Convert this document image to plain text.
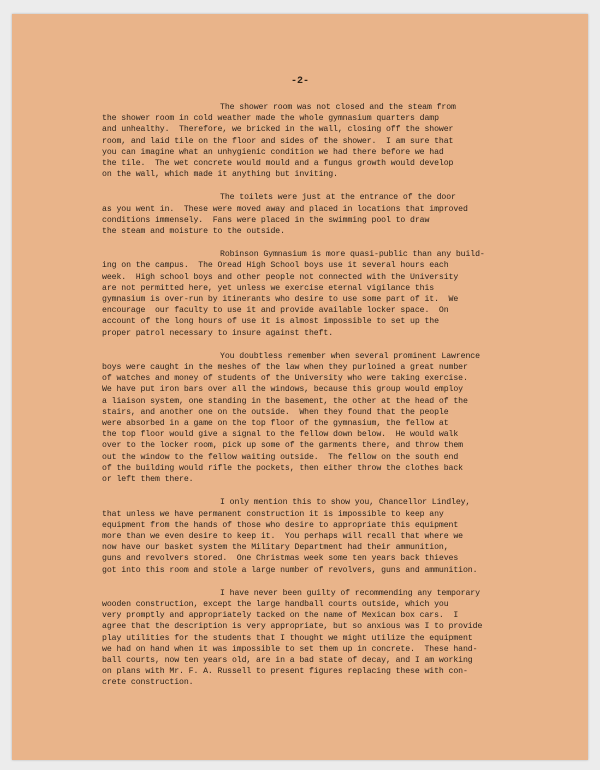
-2-
The shower room was not closed and the steam from
the shower room in cold weather made the whole gymnasium quarters damp
and unhealthy.  Therefore, we bricked in the wall, closing off the shower
room, and laid tile on the floor and sides of the shower.  I am sure that
you can imagine what an unhygienic condition we had there before we had
the tile.  The wet concrete would mould and a fungus growth would develop
on the wall, which made it anything but inviting.
The toilets were just at the entrance of the door
as you went in.  These were moved away and placed in locations that improved
conditions immensely.  Fans were placed in the swimming pool to draw
the steam and moisture to the outside.
Robinson Gymnasium is more quasi-public than any build-
ing on the campus.  The Oread High School boys use it several hours each
week.  High school boys and other people not connected with the University
are not permitted here, yet unless we exercise eternal vigilance this
gymnasium is over-run by itinerants who desire to use some part of it.  We
encourage  our faculty to use it and provide available locker space.  On
account of the long hours of use it is almost impossible to set up the
proper patrol necessary to insure against theft.
You doubtless remember when several prominent Lawrence
boys were caught in the meshes of the law when they purloined a great number
of watches and money of students of the University who were taking exercise.
We have put iron bars over all the windows, because this group would employ
a liaison system, one standing in the basement, the other at the head of the
stairs, and another one on the outside.  When they found that the people
were absorbed in a game on the top floor of the gymnasium, the fellow at
the top floor would give a signal to the fellow down below.  He would walk
over to the locker room, pick up some of the garments there, and throw them
out the window to the fellow waiting outside.  The fellow on the south end
of the building would rifle the pockets, then either throw the clothes back
or left them there.
I only mention this to show you, Chancellor Lindley,
that unless we have permanent construction it is impossible to keep any
equipment from the hands of those who desire to appropriate this equipment
more than we even desire to keep it.  You perhaps will recall that where we
now have our basket system the Military Department had their ammunition,
guns and revolvers stored.  One Christmas week some ten years back thieves
got into this room and stole a large number of revolvers, guns and ammunition.
I have never been guilty of recommending any temporary
wooden construction, except the large handball courts outside, which you
very promptly and appropriately tacked on the name of Mexican box cars.  I
agree that the description is very appropriate, but so anxious was I to provide
play utilities for the students that I thought we might utilize the equipment
we had on hand when it was impossible to set them up in concrete.  These hand-
ball courts, now ten years old, are in a bad state of decay, and I am working
on plans with Mr. F. A. Russell to present figures replacing these with con-
crete construction.
